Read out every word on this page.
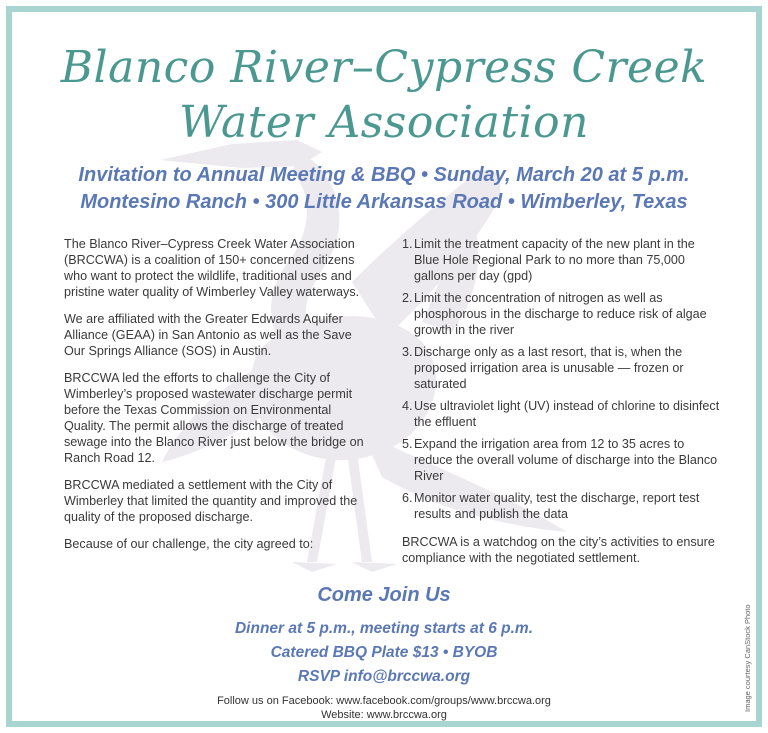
Blanco River–Cypress Creek
Water Association
Invitation to Annual Meeting & BBQ • Sunday, March 20 at 5 p.m.
Montesino Ranch • 300 Little Arkansas Road • Wimberley, Texas

The Blanco River–Cypress Creek Water Association (BRCCWA) is a coalition of 150+ concerned citizens who want to protect the wildlife, traditional uses and pristine water quality of Wimberley Valley waterways.

We are affiliated with the Greater Edwards Aquifer Alliance (GEAA) in San Antonio as well as the Save Our Springs Alliance (SOS) in Austin.

BRCCWA led the efforts to challenge the City of Wimberley’s proposed wastewater discharge permit before the Texas Commission on Environmental Quality. The permit allows the discharge of treated sewage into the Blanco River just below the bridge on Ranch Road 12.

BRCCWA mediated a settlement with the City of Wimberley that limited the quantity and improved the quality of the proposed discharge.

Because of our challenge, the city agreed to:

1. Limit the treatment capacity of the new plant in the Blue Hole Regional Park to no more than 75,000 gallons per day (gpd)
2. Limit the concentration of nitrogen as well as phosphorous in the discharge to reduce risk of algae growth in the river
3. Discharge only as a last resort, that is, when the proposed irrigation area is unusable — frozen or saturated
4. Use ultraviolet light (UV) instead of chlorine to disinfect the effluent
5. Expand the irrigation area from 12 to 35 acres to reduce the overall volume of discharge into the Blanco River
6. Monitor water quality, test the discharge, report test results and publish the data

BRCCWA is a watchdog on the city’s activities to ensure compliance with the negotiated settlement.

Come Join Us
Dinner at 5 p.m., meeting starts at 6 p.m.
Catered BBQ Plate $13 • BYOB
RSVP info@brccwa.org
Follow us on Facebook: www.facebook.com/groups/www.brccwa.org
Website: www.brccwa.org
Image courtesy CanStock Photo
